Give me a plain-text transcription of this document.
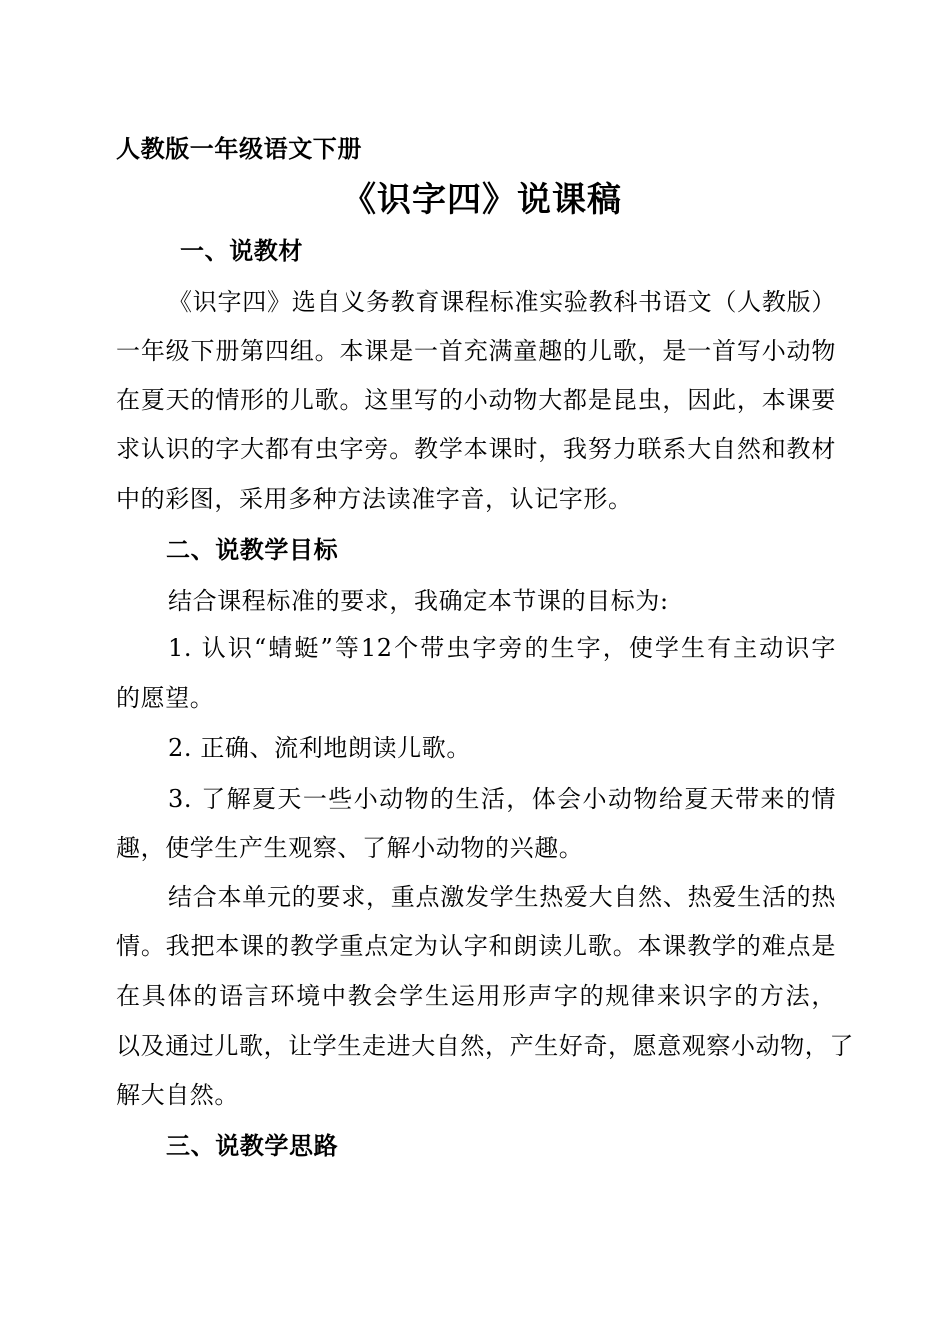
人教版一年级语文下册
《识字四》说课稿
一、说教材
《识字四》选自义务教育课程标准实验教科书语文（人教版）
一年级下册第四组。本课是一首充满童趣的儿歌，是一首写小动物
在夏天的情形的儿歌。这里写的小动物大都是昆虫，因此，本课要
求认识的字大都有虫字旁。教学本课时，我努力联系大自然和教材
中的彩图，采用多种方法读准字音，认记字形。
二、说教学目标
结合课程标准的要求，我确定本节课的目标为:
1. 认识“蜻蜓”等12个带虫字旁的生字，使学生有主动识字
的愿望。
2. 正确、流利地朗读儿歌。
3. 了解夏天一些小动物的生活，体会小动物给夏天带来的情
趣，使学生产生观察、了解小动物的兴趣。
结合本单元的要求，重点激发学生热爱大自然、热爱生活的热
情。我把本课的教学重点定为认字和朗读儿歌。本课教学的难点是
在具体的语言环境中教会学生运用形声字的规律来识字的方法，
以及通过儿歌，让学生走进大自然，产生好奇，愿意观察小动物，了
解大自然。
三、说教学思路
